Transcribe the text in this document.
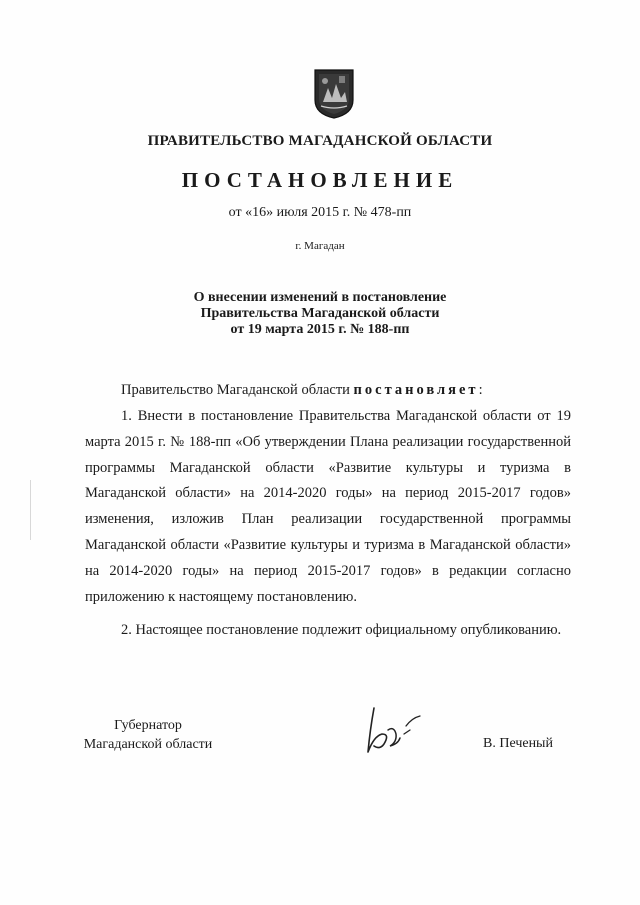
ПРАВИТЕЛЬСТВО МАГАДАНСКОЙ ОБЛАСТИ
ПОСТАНОВЛЕНИЕ
от «16» июля 2015 г. № 478-пп
г. Магадан
О внесении изменений в постановление
Правительства Магаданской области
от 19 марта 2015 г. № 188-пп
Правительство Магаданской области постановляет:
1. Внести в постановление Правительства Магаданской области от 19 марта 2015 г. № 188-пп «Об утверждении Плана реализации государственной программы Магаданской области «Развитие культуры и туризма в Магаданской области» на 2014-2020 годы» на период 2015-2017 годов» изменения, изложив План реализации государственной программы Магаданской области «Развитие культуры и туризма в Магаданской области» на 2014-2020 годы» на период 2015-2017 годов» в редакции согласно приложению к настоящему постановлению.
2. Настоящее постановление подлежит официальному опубликованию.
Губернатор
Магаданской области	В. Печеный
